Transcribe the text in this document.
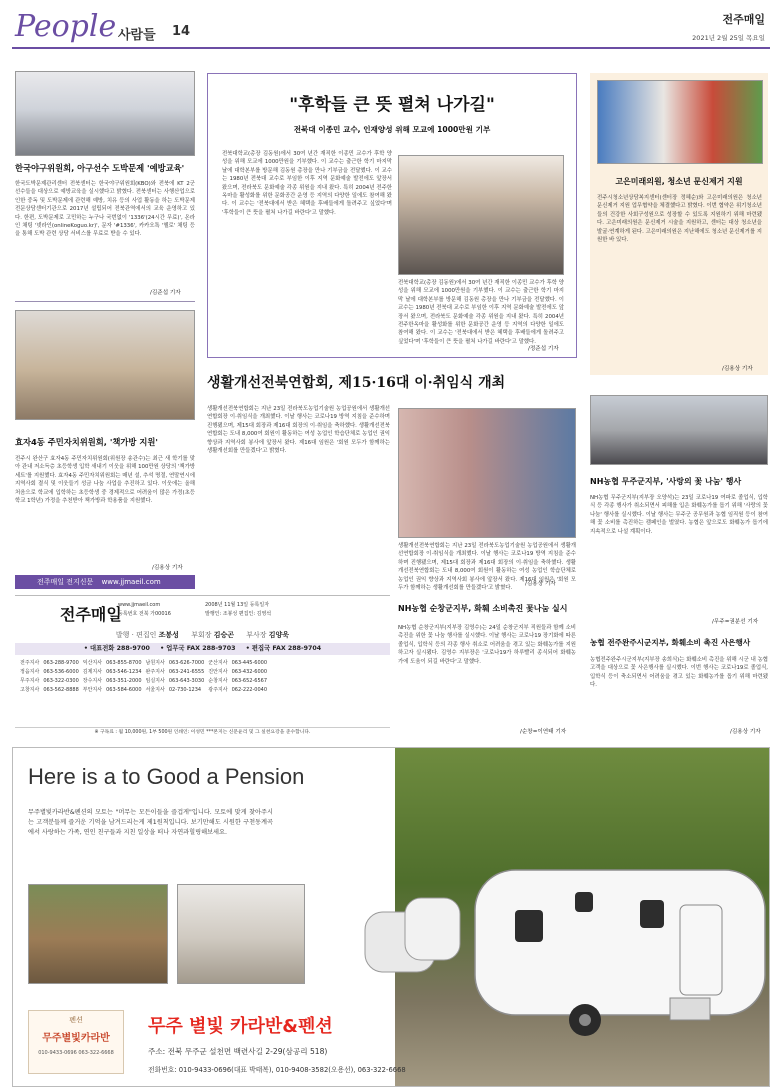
People 사람들 14
전주매일
2021년 2월 25일 목요일
한국야구위원회, 아구선수 도박문제 '예방교육'
한국도박문제관리센터 전북센터는 한국야구위원회(KBO)와 전북에 KT 2군 선수들을 대상으로 예방교육을 실시했다고 밝혔다. 전북센터는 사행산업으로 인한 중독 및 도박문제에 관련해 예방, 치유 등의 사업 활동을 하는 도박문제 전문상담센터기관으로 2017년 설립되어 전북관역에서의 교육 운영하고 있다. 한편, 도박문제로 고민하는 누구나 국번없이 '1336'(24시간 무료)', 온라인 채팅 '넷라인(onlineKoguo.kr)', 문자 '#1336', 카카오톡 '헬로' 채팅 등을 통해 도박 관련 상담 서비스를 무료로 받을 수 있다.
/김준섭 기자
효자4동 주민자치위원회, '책가방 지원'
전주시 완산구 효자4동 주민자치위원회(위원장 송관수)는 최근 새 학기를 맞아 관내 저소득층 초등학생 입학 새내기 이웃을 위해 100만원 상당의 '책가방 세트'를 지원했다. 효자4동 주민자치위원회는 매년 설, 추석 명절, 연말연시에 지역사회 결식 및 이웃들기 성금 나눔 사업을 추진하고 있다. 이웃에는 올해 처음으로 학교에 입학하는 초등학생 중 경제적으로 어려움이 많은 가정(초등학교 1학년) 가정을 추천받아 책가방과 학용품을 지원했다.
/김용상 기자
전주매일 전지신문 www.jjmaeil.com
"후학들 큰 뜻 펼쳐 나가길"
전북대 이종민 교수, 인재양성 위해 모교에 1000만원 기부
전북대학교(총장 김동원)에서 30여 년간 재직한 이종민 교수가 후학 양성을 위해 모교에 1000만원을 기부했다. 이 교수는 출근한 학기 마지막 날에 대학본부를 방문해 김동원 총장을 만나 기부금을 전달했다. 이 교수는 1980년 전북대 교수로 부임한 이후 지역 문화예술 발전에도 앞장서 왔으며, 전라북도 문화예술 각종 위원을 지내 왔다. 특히 2004년 전주한옥마을 활성화를 위한 문화공간 운영 등 지역의 다양한 일에도 참여해 왔다. 이 교수는 '전북대에서 받은 혜택을 후배들에게 돌려주고 싶었다'며 '후학들이 큰 뜻을 펼쳐 나가길 바란다'고 말했다.
전북대학교(총장 김동원)에서 30여 년간 재직한 이종민 교수가 후학 양성을 위해 모교에 1000만원을 기부했다. 이 교수는 출근한 학기 마지막 날에 대학본부를 방문해 김동원 총장을 만나 기부금을 전달했다. 이 교수는 1980년 전북대 교수로 부임한 이후 지역 문화예술 발전에도 앞장서 왔으며, 전라북도 문화예술 각종 위원을 지내 왔다. 특히 2004년 전주한옥마을 활성화를 위한 문화공간 운영 등 지역의 다양한 일에도 참여해 왔다. 이 교수는 '전북대에서 받은 혜택을 후배들에게 돌려주고 싶었다'며 '후학들이 큰 뜻을 펼쳐 나가길 바란다'고 말했다.
/정준섭 기자
생활개선전북연합회, 제15·16대 이·취임식 개최
생활개선전북연합회는 지난 23일 전라북도농업기술원 농업공원에서 생활개선연합회장 이·취임식을 개최했다. 이날 행사는 코로나19 방역 지침을 준수하며 진행됐으며, 제15대 회장과 제16대 회장의 이·취임을 축하했다. 생활개선전북연합회는 도내 8,000여 회원이 활동하는 여성 농업인 학습단체로 농업인 권익 향상과 지역사회 봉사에 앞장서 왔다. 제16대 임원은 '회원 모두가 함께하는 생활개선회를 만들겠다'고 밝혔다.
생활개선전북연합회는 지난 23일 전라북도농업기술원 농업공원에서 생활개선연합회장 이·취임식을 개최했다. 이날 행사는 코로나19 방역 지침을 준수하며 진행됐으며, 제15대 회장과 제16대 회장의 이·취임을 축하했다. 생활개선전북연합회는 도내 8,000여 회원이 활동하는 여성 농업인 학습단체로 농업인 권익 향상과 지역사회 봉사에 앞장서 왔다. 제16대 임원은 '회원 모두가 함께하는 생활개선회를 만들겠다'고 밝혔다.
/김용상 기자
전주매일
www.jjmaeil.com
등록번호 전북 가00016
2008년 11월 13일 등록일자
발행인: 조봉성 편집인: 김영석
발행 · 편집인 조봉성 부회장 김승곤 부사장 김양욱
• 대표전화 288-9700 • 업무국 FAX 288-9703 • 편집국 FAX 288-9704
전주지사	063-288-9700	익산지사	063-855-8700	남원지사	063-626-7000	군산지사	063-445-6000
정읍지사	063-536-6000	김제지사	063-546-1234	완주지사	063-241-6555	진안지사	063-432-6000
무주지사	063-322-0300	장수지사	063-351-2000	임실지사	063-643-3030	순창지사	063-652-6567
고창지사	063-562-8888	부안지사	063-584-6000	서울지사	02-730-1234	광주지사	062-222-0040
※ 구독료 : 월 10,000원, 1부 500원 인쇄인: 이성민 ***본지는 신문윤리 및 그 실천요강을 준수합니다.
NH농협 순창군지부, 화훼 소비촉진 꽃나눔 실시
NH농협 순창군지부(지부장 김영수)는 24일 순창군지부 직원들과 함께 소비촉진을 위한 꽃 나눔 행사를 실시했다. 이날 행사는 코로나19 장기화에 따른 졸업식, 입학식 등의 각종 행사 취소로 어려움을 겪고 있는 화훼농가를 지원하고자 실시됐다. 김영수 지부장은 '코로나19가 하루빨리 종식되어 화훼농가에 도움이 되길 바란다'고 말했다.
/순창=이연태 기자
고은미래의원, 청소년 문신제거 지원
전주시청소년상담복지센터(센터장 정혜순)와 고은미래의원은 청소년 문신제거 지원 업무협약을 체결했다고 밝혔다. 이번 협약은 위기청소년들의 건강한 사회구성원으로 성장할 수 있도록 지원하기 위해 마련됐다. 고은미래의원은 문신제거 시술을 지원하고, 센터는 대상 청소년을 발굴·연계하게 된다. 고은미래의원은 지난해에도 청소년 문신제거를 지원한 바 있다.
/김용상 기자
NH농협 무주군지부, '사랑의 꽃 나눔' 행사
NH농협 무주군지부(지부장 오양석)는 23일 코로나19 여파로 졸업식, 입학식 등 각종 행사가 취소되면서 피해를 입은 화훼농가를 돕기 위해 '사랑의 꽃 나눔' 행사를 실시했다. 이날 행사는 무주군 공무원과 농협 임직원 등이 참여해 꽃 소비를 촉진하는 캠페인을 벌였다. 농협은 앞으로도 화훼농가 돕기에 지속적으로 나설 계획이다.
/무주=권분선 기자
농협 전주완주시군지부, 화훼소비 촉진 사은행사
농협전주완주시군지부(지부장 송희식)는 화훼소비 촉진을 위해 시군 내 농협 고객을 대상으로 꽃 사은행사를 실시했다. 이번 행사는 코로나19로 졸업식, 입학식 등이 축소되면서 어려움을 겪고 있는 화훼농가를 돕기 위해 마련됐다.
/김용상 기자
Here is a to Good a Pension
무주별빛카라반&펜션의 모토는 "머무는 모든이들을 즐겁게"입니다. 모토에 맞게 찾아주시는 고객분들께 즐거운 기억을 남겨드리는게 제1원칙입니다. 보기만해도 시원한 구천동계곡에서 사랑하는 가족, 연인 친구들과 지친 일상을 떠나 자연과힐링해보세요.
펜션
무주별빛카라반
010-9433-0696 063-322-6668
무주 별빛 카라반&펜션
주소: 전북 무주군 설천면 백련사길 2-29(삼공리 518)
전화번호: 010-9433-0696(대표 박태복), 010-9408-3582(오용선), 063-322-6668
